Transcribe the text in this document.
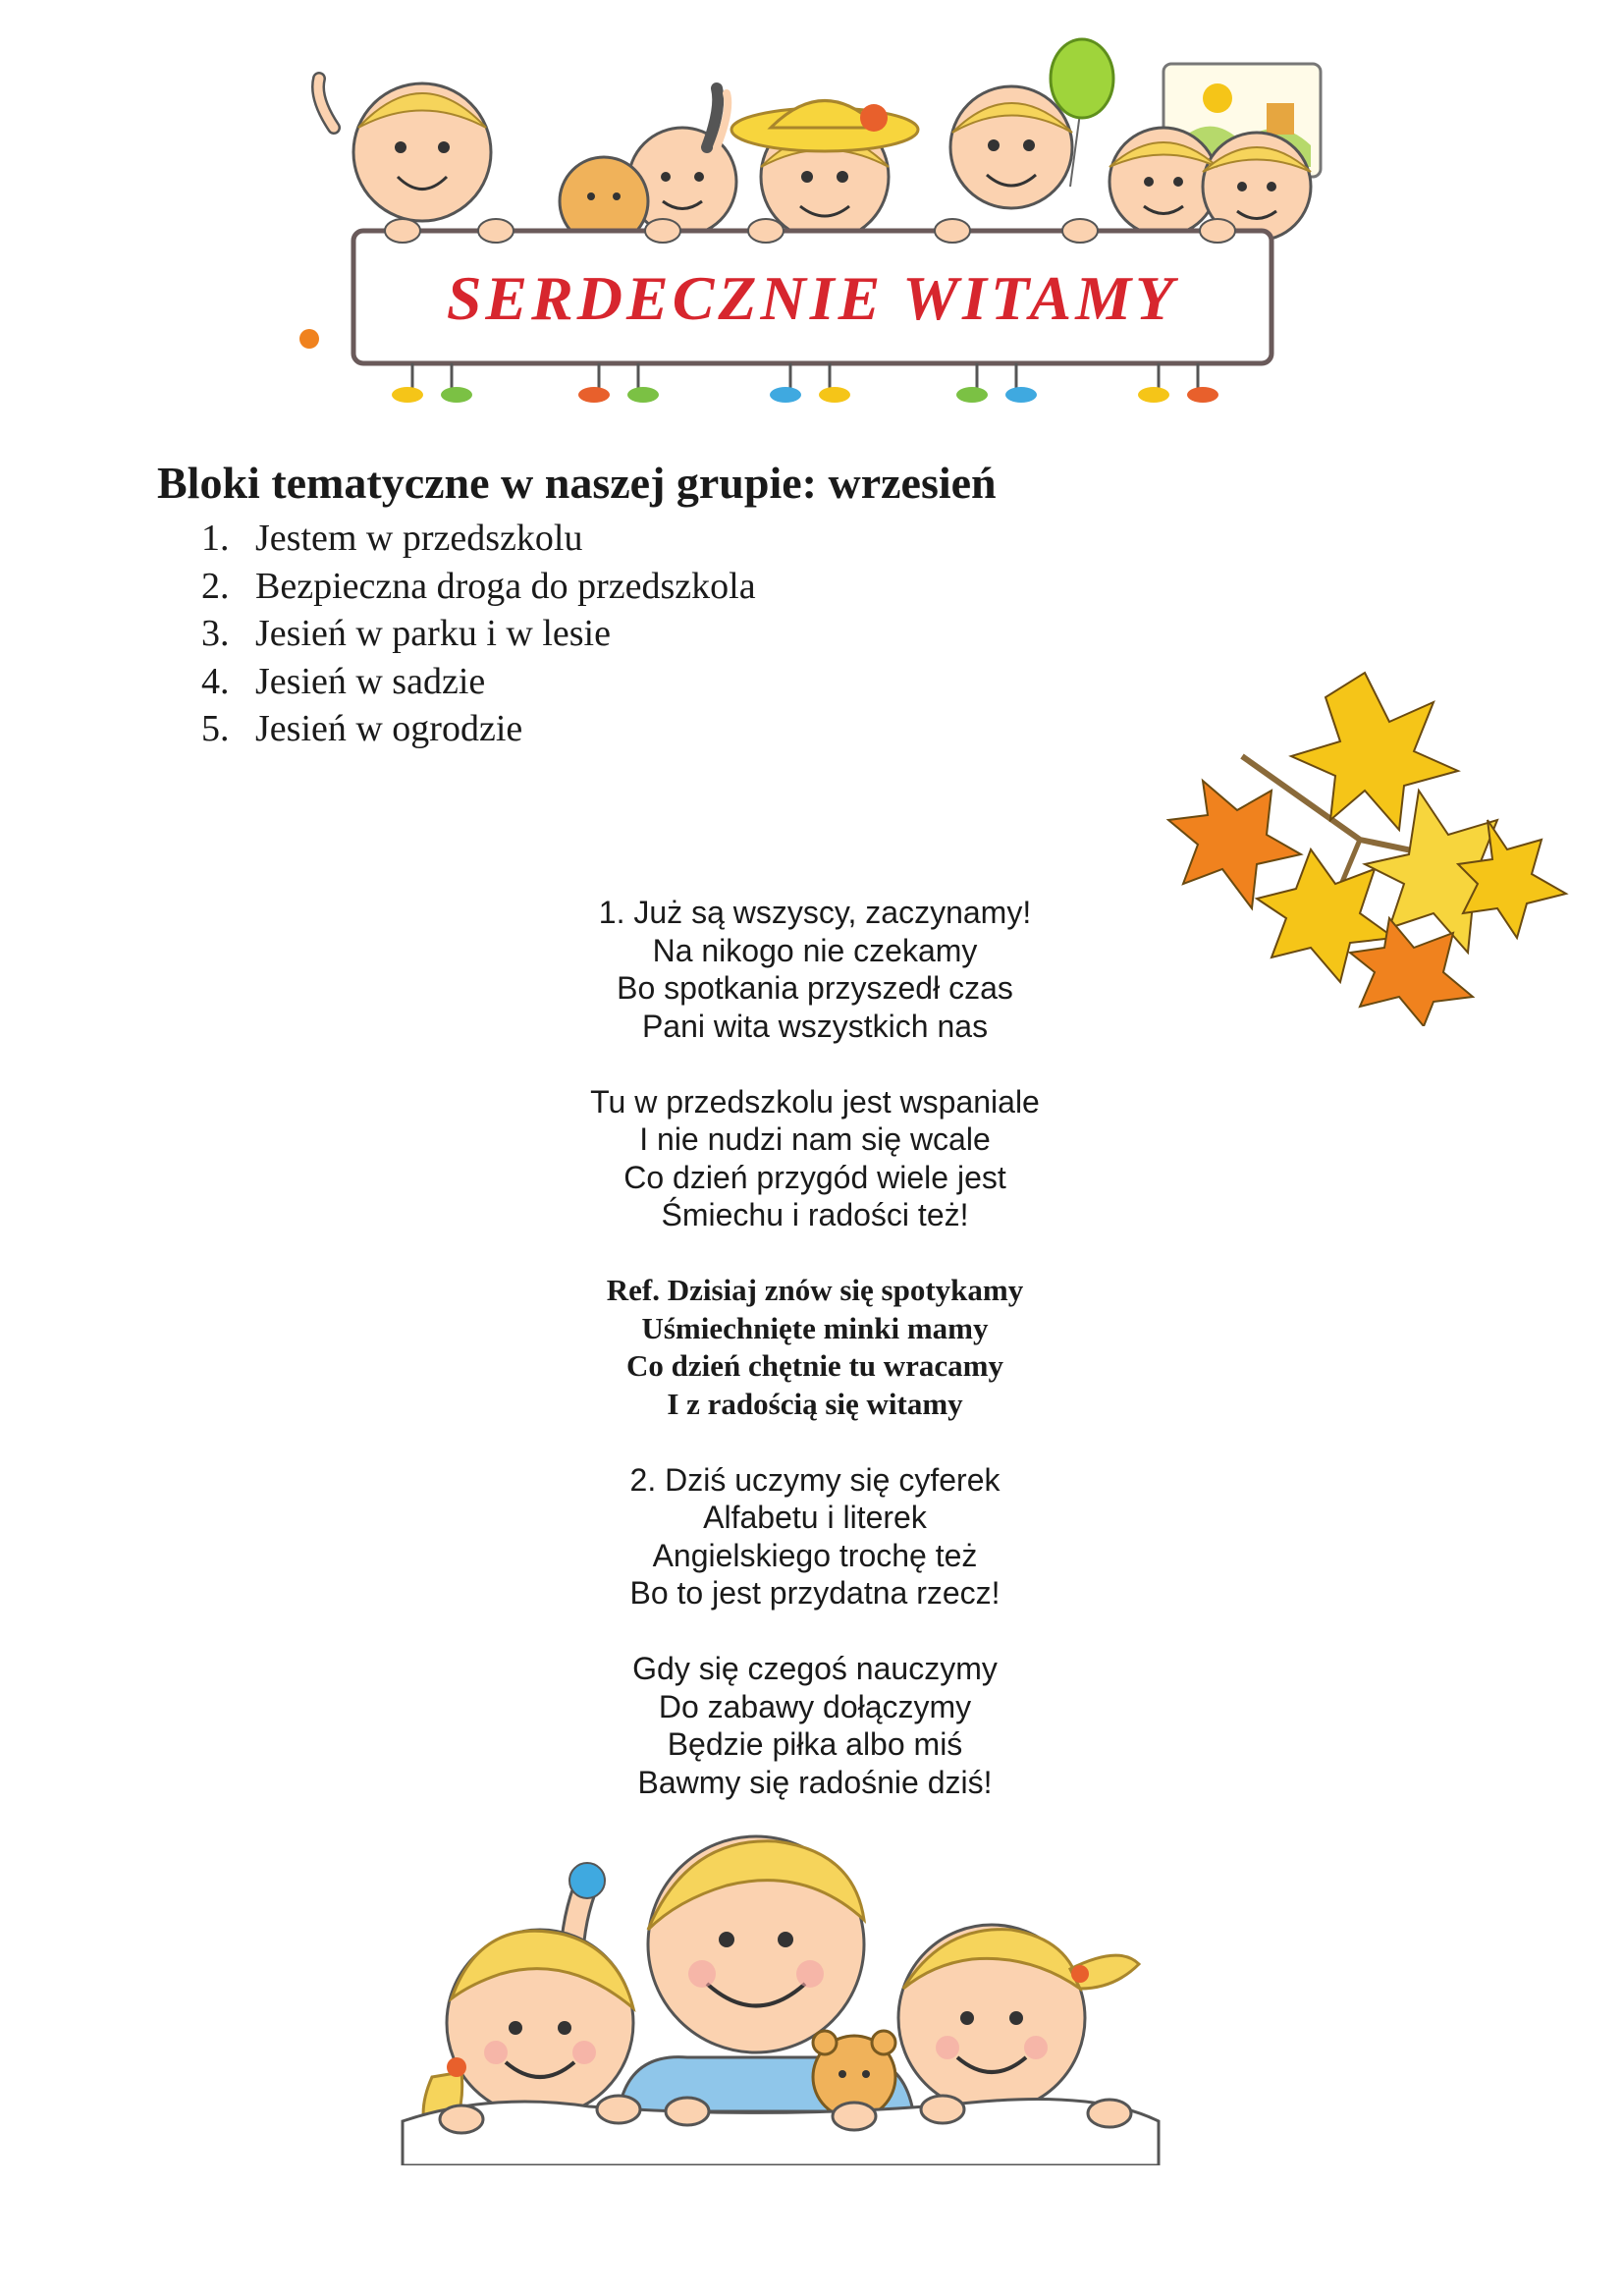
SERDECZNIE WITAMY
Bloki tematyczne w naszej grupie: wrzesień
1. Jestem w przedszkolu
2. Bezpieczna droga do przedszkola
3. Jesień w parku i w lesie
4. Jesień w sadzie
5. Jesień w ogrodzie
1. Już są wszyscy, zaczynamy!
Na nikogo nie czekamy
Bo spotkania przyszedł czas
Pani wita wszystkich nas
Tu w przedszkolu jest wspaniale
I nie nudzi nam się wcale
Co dzień przygód wiele jest
Śmiechu i radości też!
Ref. Dzisiaj znów się spotykamy
Uśmiechnięte minki mamy
Co dzień chętnie tu wracamy
I z radością się witamy
2. Dziś uczymy się cyferek
Alfabetu i literek
Angielskiego trochę też
Bo to jest przydatna rzecz!
Gdy się czegoś nauczymy
Do zabawy dołączymy
Będzie piłka albo miś
Bawmy się radośnie dziś!
